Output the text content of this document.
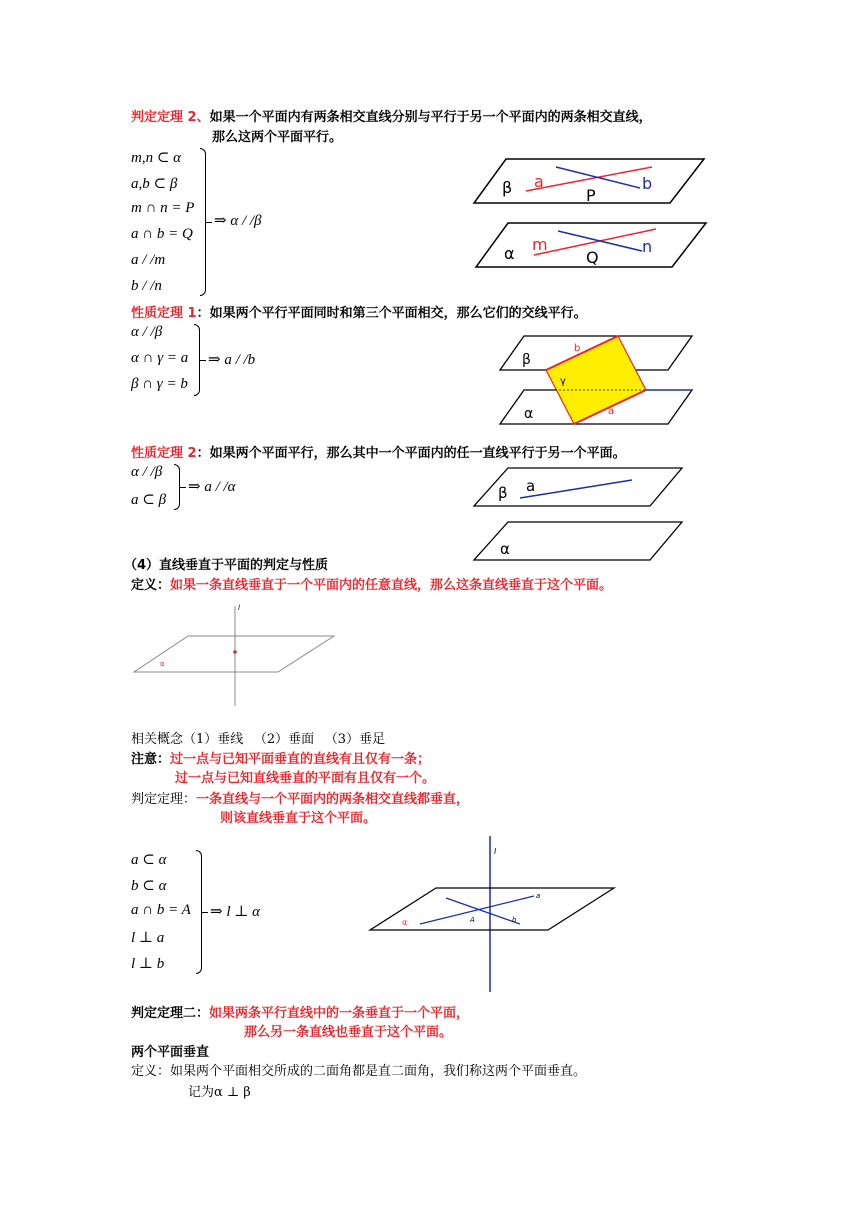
判定定理 2、如果一个平面内有两条相交直线分别与平行于另一个平面内的两条相交直线，
那么这两个平面平行。
m,n ⊂ α
a,b ⊂ β
m ∩ n = P
a ∩ b = Q
a / /m
b / /n
⇒ α / /β
β a
P
b
α m
Q
n
性质定理 1：如果两个平行平面同时和第三个平面相交，那么它们的交线平行。
α / /β
α ∩ γ = a
β ∩ γ = b
⇒ a / /b	β
α
γ
b
a
性质定理 2：如果两个平面平行，那么其中一个平面内的任一直线平行于另一个平面。
α / /β
a ⊂ β
⇒ a / /α	β a
α
（4）直线垂直于平面的判定与性质
定义：如果一条直线垂直于一个平面内的任意直线，那么这条直线垂直于这个平面。
l
α
相关概念（1）垂线 　（2）垂面 　（3）垂足
注意：过一点与已知平面垂直的直线有且仅有一条；
过一点与已知直线垂直的平面有且仅有一个。
判定定理：一条直线与一个平面内的两条相交直线都垂直，
则该直线垂直于这个平面。
a ⊂ α
b ⊂ α
a ∩ b = A
l ⊥ a
l ⊥ b
⇒ l ⊥ α
l
a
b
A
α
判定定理二：如果两条平行直线中的一条垂直于一个平面，
那么另一条直线也垂直于这个平面。
两个平面垂直
定义：如果两个平面相交所成的二面角都是直二面角，我们称这两个平面垂直。
记为α ⊥ β
